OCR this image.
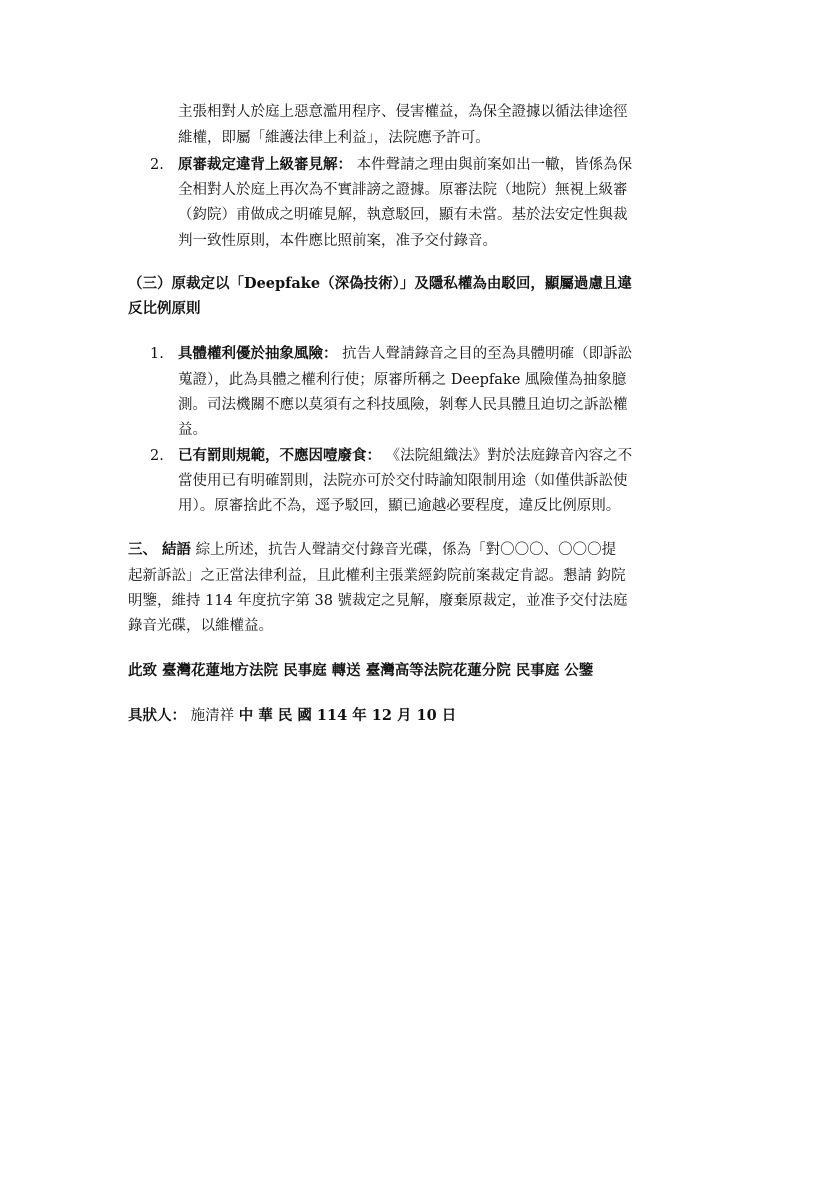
主張相對人於庭上惡意濫用程序、侵害權益，為保全證據以循法律途徑
維權，即屬「維護法律上利益」，法院應予許可。
2. 原審裁定違背上級審見解： 本件聲請之理由與前案如出一轍，皆係為保
全相對人於庭上再次為不實誹謗之證據。原審法院（地院）無視上級審
（鈞院）甫做成之明確見解，執意駁回，顯有未當。基於法安定性與裁
判一致性原則，本件應比照前案，准予交付錄音。
（三）原裁定以「Deepfake（深偽技術）」及隱私權為由駁回，顯屬過慮且違
反比例原則
1. 具體權利優於抽象風險： 抗告人聲請錄音之目的至為具體明確（即訴訟
蒐證），此為具體之權利行使；原審所稱之 Deepfake 風險僅為抽象臆
測。司法機關不應以莫須有之科技風險，剝奪人民具體且迫切之訴訟權
益。
2. 已有罰則規範，不應因噎廢食： 《法院組織法》對於法庭錄音內容之不
當使用已有明確罰則，法院亦可於交付時諭知限制用途（如僅供訴訟使
用）。原審捨此不為，逕予駁回，顯已逾越必要程度，違反比例原則。
三、 結語 綜上所述，抗告人聲請交付錄音光碟，係為「對〇〇〇、〇〇〇提
起新訴訟」之正當法律利益，且此權利主張業經鈞院前案裁定肯認。懇請 鈞院
明鑒，維持 114 年度抗字第 38 號裁定之見解，廢棄原裁定，並准予交付法庭
錄音光碟，以維權益。
此致 臺灣花蓮地方法院 民事庭 轉送 臺灣高等法院花蓮分院 民事庭 公鑒
具狀人： 施清祥 中 華 民 國 114 年 12 月 10 日
